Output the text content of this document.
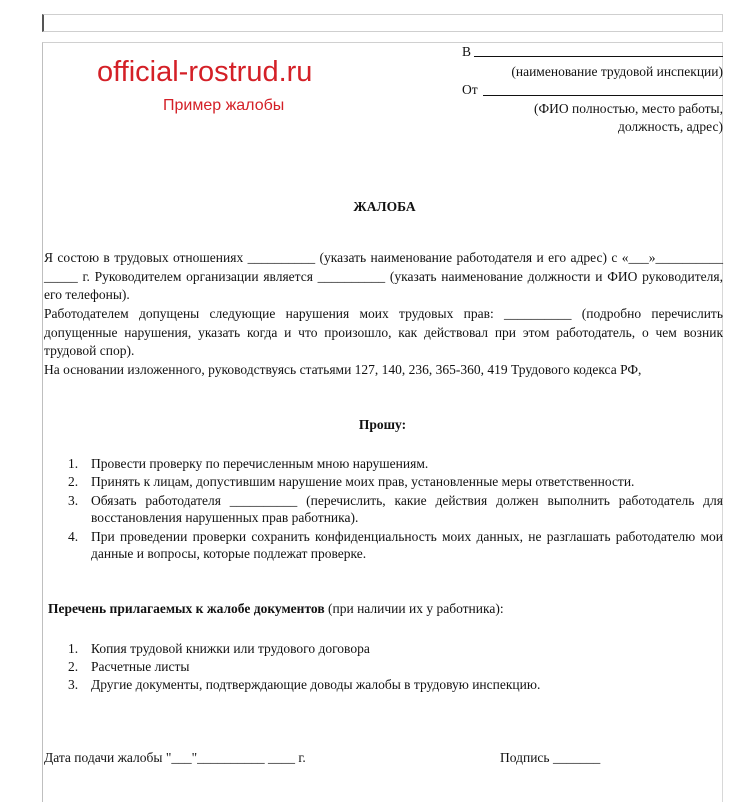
official-rostrud.ru
Пример жалобы
В
(наименование трудовой инспекции)
От
(ФИО полностью, место работы,
должность, адрес)
ЖАЛОБА
Я состою в трудовых отношениях __________ (указать наименование работодателя и его адрес) с «___»__________ _____ г. Руководителем организации является __________ (указать наименование должности и ФИО руководителя, его телефоны).
Работодателем допущены следующие нарушения моих трудовых прав: __________ (подробно перечислить допущенные нарушения, указать когда и что произошло, как действовал при этом работодатель, о чем возник трудовой спор).
На основании изложенного, руководствуясь статьями 127, 140, 236, 365-360, 419 Трудового кодекса РФ,
Прошу:
1. Провести проверку по перечисленным мною нарушениям.
2. Принять к лицам, допустившим нарушение моих прав, установленные меры ответственности.
3. Обязать работодателя __________ (перечислить, какие действия должен выполнить работодатель для восстановления нарушенных прав работника).
4. При проведении проверки сохранить конфиденциальность моих данных, не разглашать работодателю мои данные и вопросы, которые подлежат проверке.
Перечень прилагаемых к жалобе документов (при наличии их у работника):
1. Копия трудовой книжки или трудового договора
2. Расчетные листы
3. Другие документы, подтверждающие доводы жалобы в трудовую инспекцию.
Дата подачи жалобы "___"__________ ____ г.	Подпись _______
